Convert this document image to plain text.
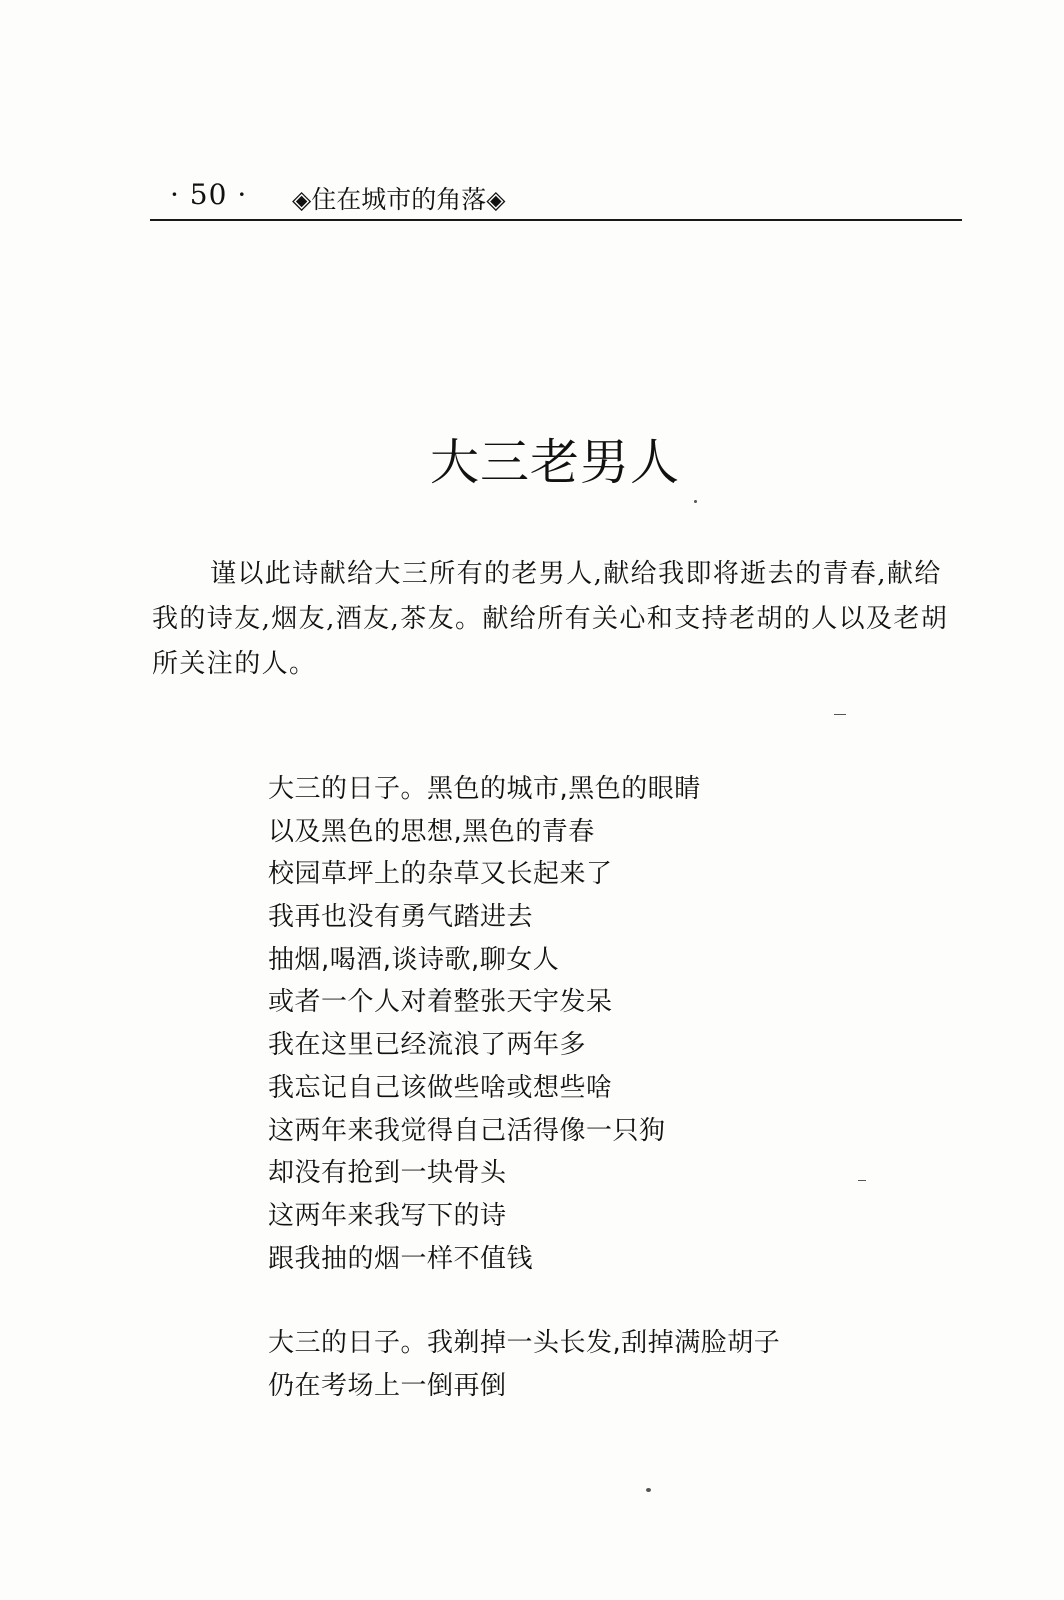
· 50 · ◈住在城市的角落◈
大三老男人

谨以此诗献给大三所有的老男人,献给我即将逝去的青春,献给我的诗友,烟友,酒友,茶友。献给所有关心和支持老胡的人以及老胡所关注的人。

大三的日子。黑色的城市,黑色的眼睛
以及黑色的思想,黑色的青春
校园草坪上的杂草又长起来了
我再也没有勇气踏进去
抽烟,喝酒,谈诗歌,聊女人
或者一个人对着整张天宇发呆
我在这里已经流浪了两年多
我忘记自己该做些啥或想些啥
这两年来我觉得自己活得像一只狗
却没有抢到一块骨头
这两年来我写下的诗
跟我抽的烟一样不值钱
大三的日子。我剃掉一头长发,刮掉满脸胡子
仍在考场上一倒再倒
